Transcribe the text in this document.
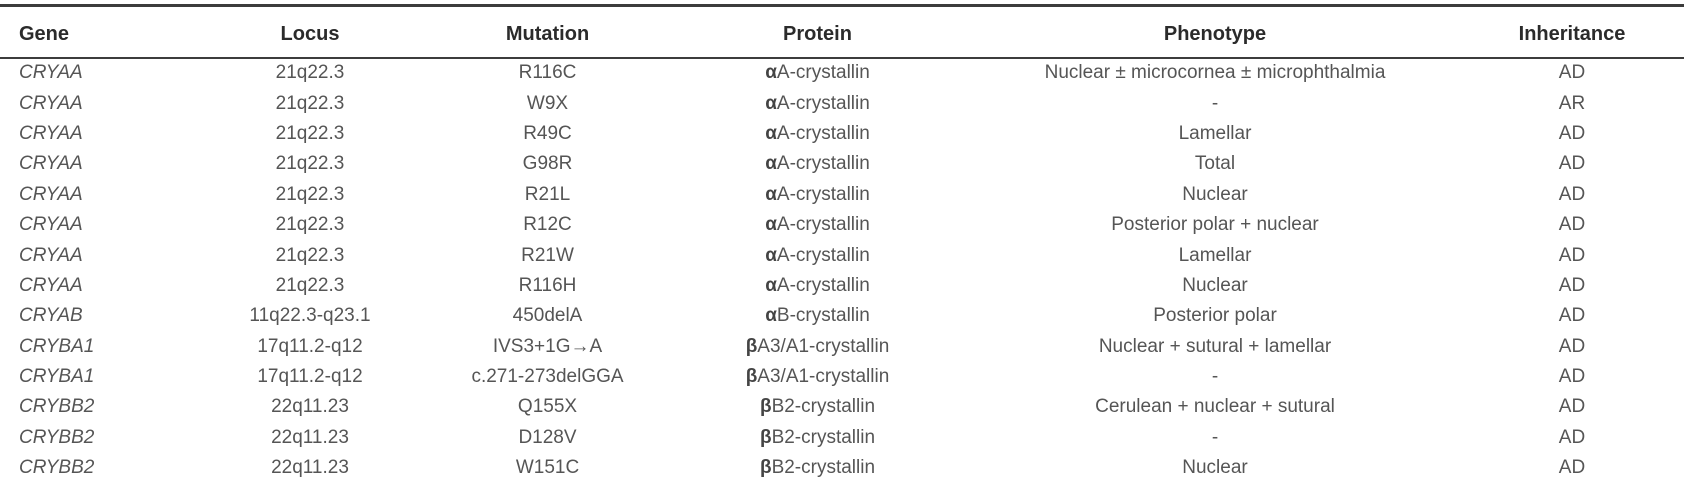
Gene	Locus	Mutation	Protein	Phenotype	Inheritance
CRYAA	21q22.3	R116C	αA-crystallin	Nuclear ± microcornea ± microphthalmia	AD
CRYAA	21q22.3	W9X	αA-crystallin	-	AR
CRYAA	21q22.3	R49C	αA-crystallin	Lamellar	AD
CRYAA	21q22.3	G98R	αA-crystallin	Total	AD
CRYAA	21q22.3	R21L	αA-crystallin	Nuclear	AD
CRYAA	21q22.3	R12C	αA-crystallin	Posterior polar + nuclear	AD
CRYAA	21q22.3	R21W	αA-crystallin	Lamellar	AD
CRYAA	21q22.3	R116H	αA-crystallin	Nuclear	AD
CRYAB	11q22.3-q23.1	450delA	αB-crystallin	Posterior polar	AD
CRYBA1	17q11.2-q12	IVS3+1G→A	βA3/A1-crystallin	Nuclear + sutural + lamellar	AD
CRYBA1	17q11.2-q12	c.271-273delGGA	βA3/A1-crystallin	-	AD
CRYBB2	22q11.23	Q155X	βB2-crystallin	Cerulean + nuclear + sutural	AD
CRYBB2	22q11.23	D128V	βB2-crystallin	-	AD
CRYBB2	22q11.23	W151C	βB2-crystallin	Nuclear	AD
